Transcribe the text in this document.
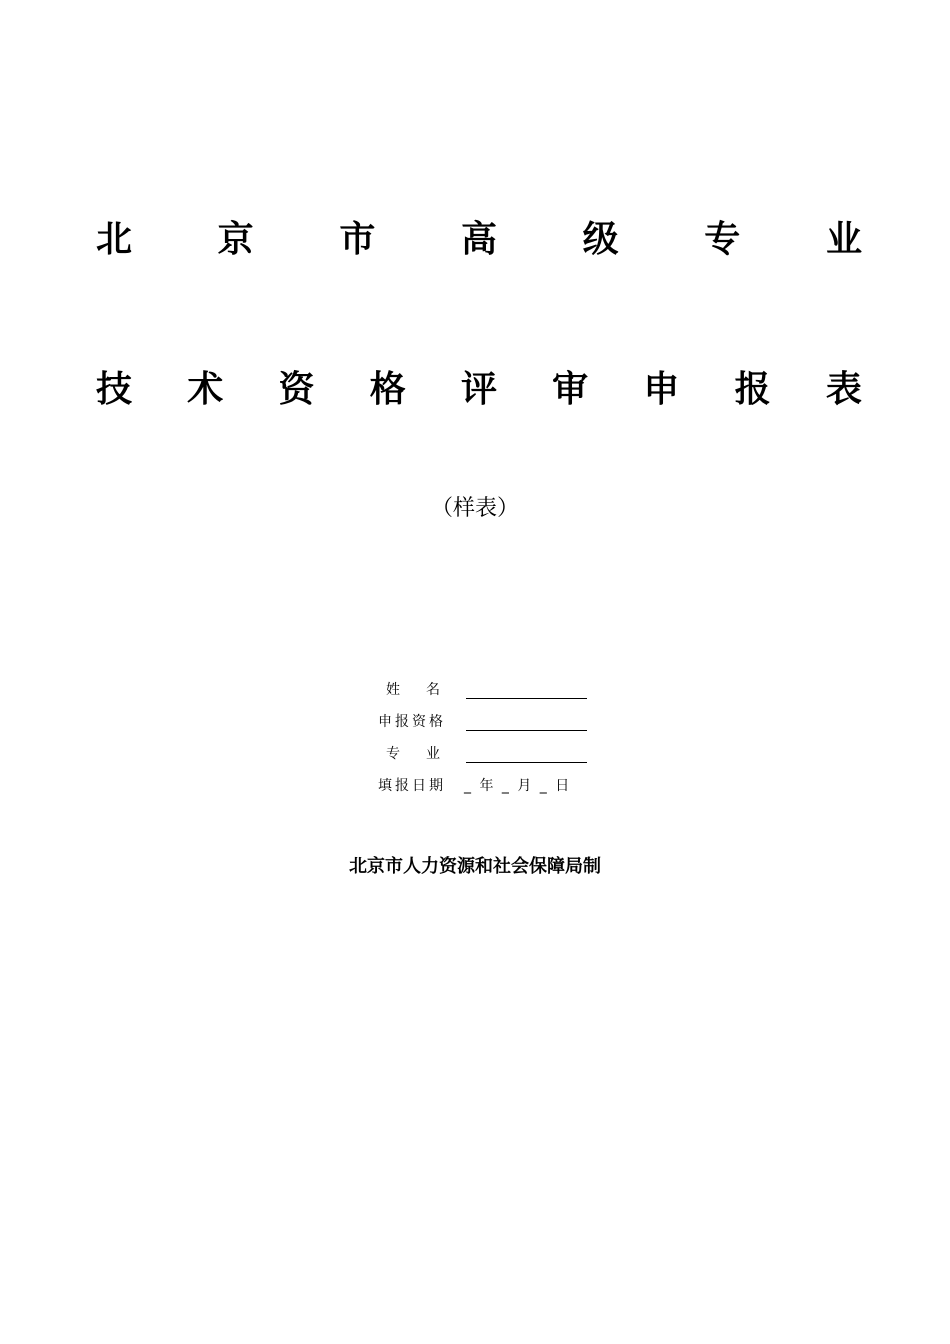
北 京 市 高 级 专 业
技 术 资 格 评 审 申 报 表
（样表）
姓 名
申报资格
专 业
填报日期	_ 年 _ 月 _ 日
北京市人力资源和社会保障局制
